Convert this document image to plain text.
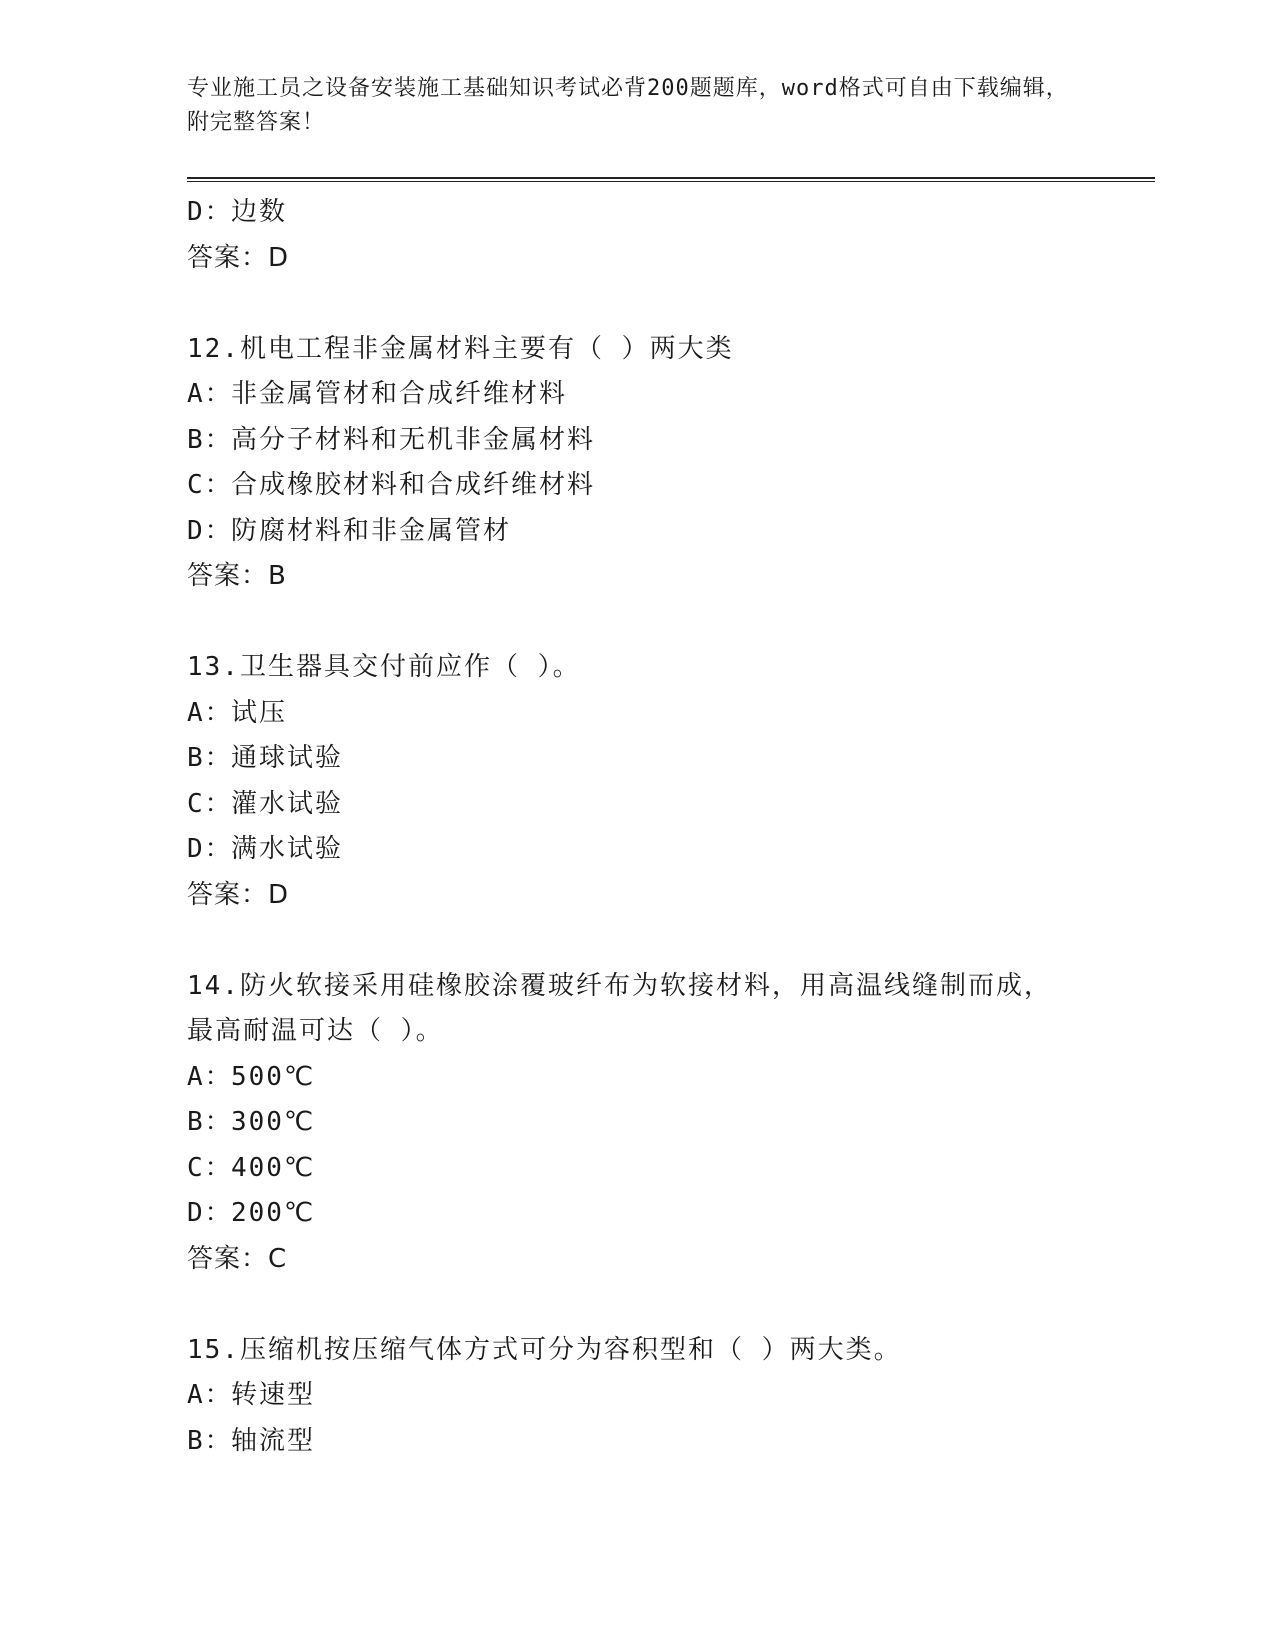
专业施工员之设备安装施工基础知识考试必背200题题库，word格式可自由下载编辑，附完整答案！

D：边数
答案：D
12.机电工程非金属材料主要有（ ）两大类
A：非金属管材和合成纤维材料
B：高分子材料和无机非金属材料
C：合成橡胶材料和合成纤维材料
D：防腐材料和非金属管材
答案：B
13.卫生器具交付前应作（ ）。
A：试压
B：通球试验
C：灌水试验
D：满水试验
答案：D
14.防火软接采用硅橡胶涂覆玻纤布为软接材料，用高温线缝制而成，最高耐温可达（ ）。
A：500℃
B：300℃
C：400℃
D：200℃
答案：C
15.压缩机按压缩气体方式可分为容积型和（ ）两大类。
A：转速型
B：轴流型
